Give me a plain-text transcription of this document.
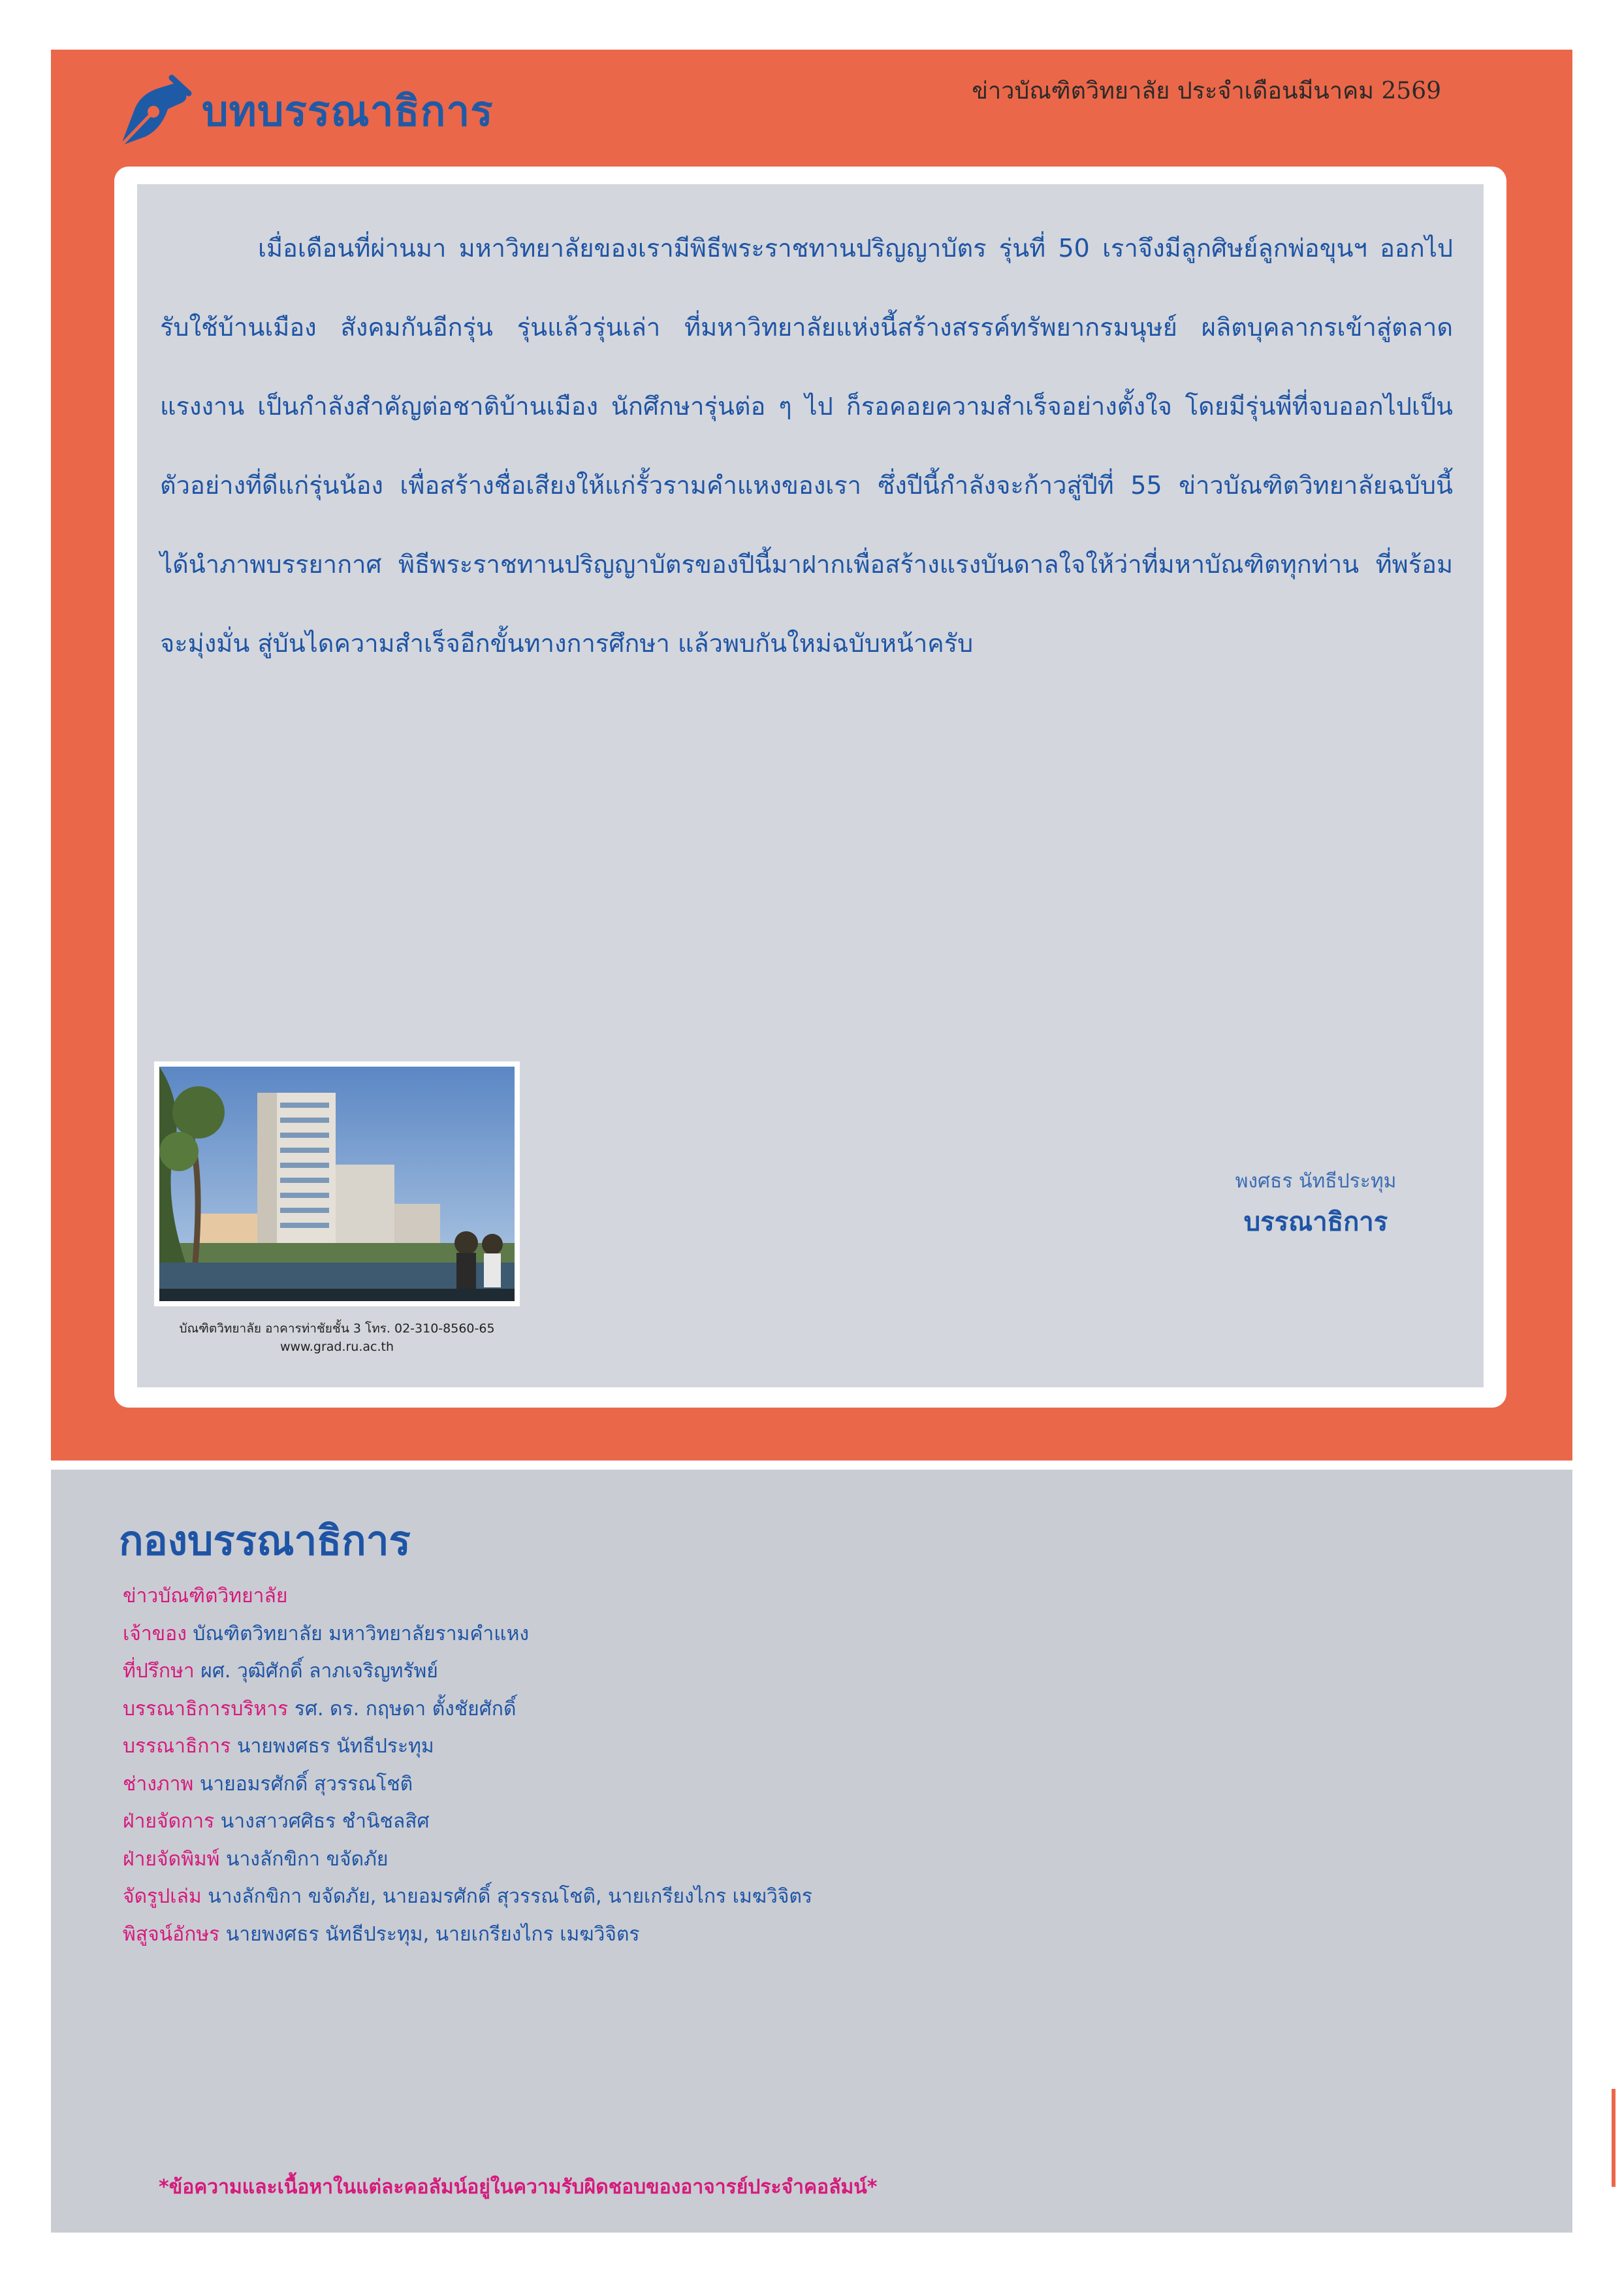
บทบรรณาธิการ	ข่าวบัณฑิตวิทยาลัย ประจำเดือนมีนาคม 2569

เมื่อเดือนที่ผ่านมา มหาวิทยาลัยของเรามีพิธีพระราชทานปริญญาบัตร รุ่นที่ 50 เราจึงมีลูกศิษย์ลูกพ่อขุนฯ ออกไปรับใช้บ้านเมือง สังคมกันอีกรุ่น รุ่นแล้วรุ่นเล่า ที่มหาวิทยาลัยแห่งนี้สร้างสรรค์ทรัพยากรมนุษย์ ผลิตบุคลากรเข้าสู่ตลาดแรงงาน เป็นกำลังสำคัญต่อชาติบ้านเมือง นักศึกษารุ่นต่อ ๆ ไป ก็รอคอยความสำเร็จอย่างตั้งใจ โดยมีรุ่นพี่ที่จบออกไปเป็นตัวอย่างที่ดีแก่รุ่นน้อง เพื่อสร้างชื่อเสียงให้แก่รั้วรามคำแหงของเรา ซึ่งปีนี้กำลังจะก้าวสู่ปีที่ 55 ข่าวบัณฑิตวิทยาลัยฉบับนี้ ได้นำภาพบรรยากาศ พิธีพระราชทานปริญญาบัตรของปีนี้มาฝากเพื่อสร้างแรงบันดาลใจให้ว่าที่มหาบัณฑิตทุกท่าน ที่พร้อมจะมุ่งมั่น สู่บันไดความสำเร็จอีกขั้นทางการศึกษา แล้วพบกันใหม่ฉบับหน้าครับ

บัณฑิตวิทยาลัย อาคารท่าชัยชั้น 3 โทร. 02-310-8560-65
www.grad.ru.ac.th
พงศธร นัทธีประทุม
บรรณาธิการ
กองบรรณาธิการ
ข่าวบัณฑิตวิทยาลัย
เจ้าของ บัณฑิตวิทยาลัย มหาวิทยาลัยรามคำแหง
ที่ปรึกษา ผศ. วุฒิศักดิ์ ลาภเจริญทรัพย์
บรรณาธิการบริหาร รศ. ดร. กฤษดา ตั้งชัยศักดิ์
บรรณาธิการ นายพงศธร นัทธีประทุม
ช่างภาพ นายอมรศักดิ์ สุวรรณโชติ
ฝ่ายจัดการ นางสาวศศิธร ชำนิชลสิศ
ฝ่ายจัดพิมพ์ นางลักขิกา ขจัดภัย
จัดรูปเล่ม นางลักขิกา ขจัดภัย, นายอมรศักดิ์ สุวรรณโชติ, นายเกรียงไกร เมฆวิจิตร
พิสูจน์อักษร นายพงศธร นัทธีประทุม, นายเกรียงไกร เมฆวิจิตร
*ข้อความและเนื้อหาในแต่ละคอลัมน์อยู่ในความรับผิดชอบของอาจารย์ประจำคอลัมน์*
